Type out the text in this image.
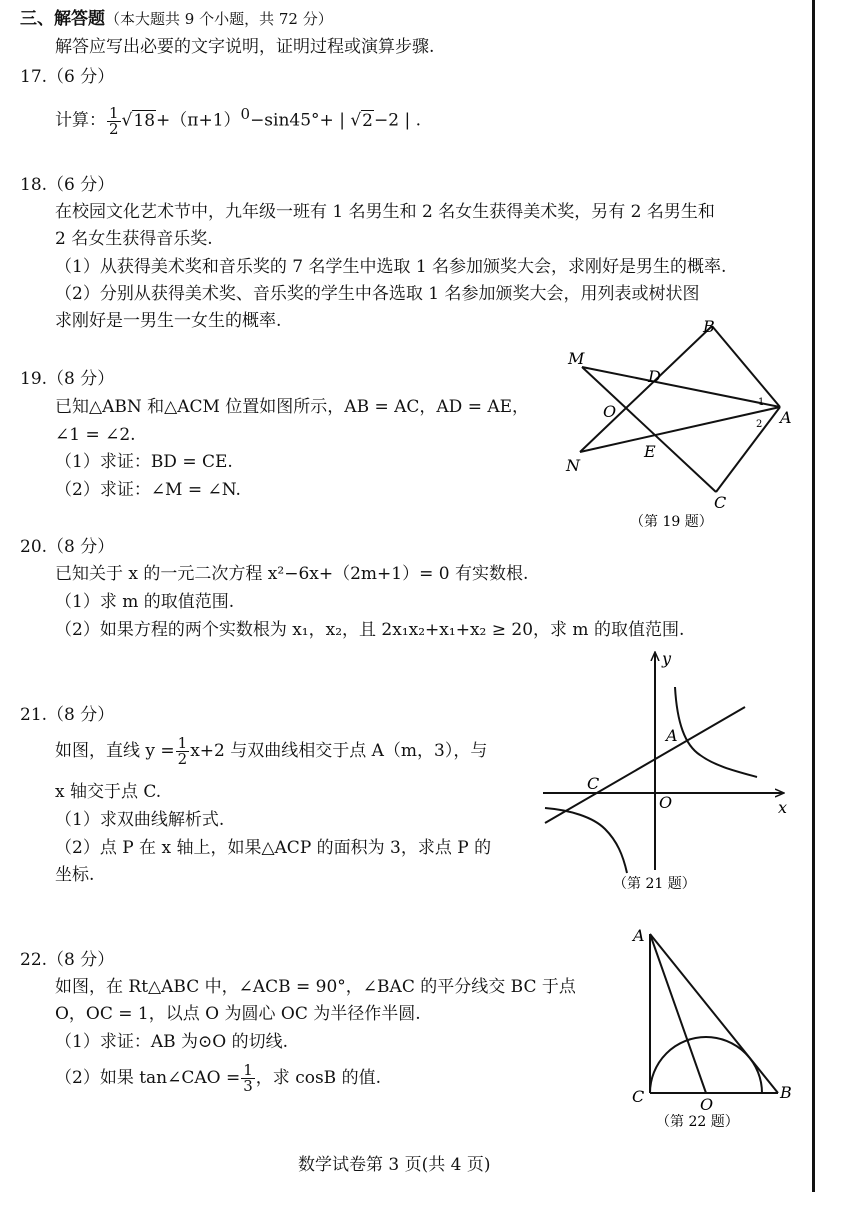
三、解答题（本大题共 9 个小题，共 72 分）
解答应写出必要的文字说明，证明过程或演算步骤.
17.（6 分）
计算： $\frac{1}{2} √18+(\pi+1)^0-\sin 45^\circ+$ | √2−2 | .
18.（6 分）
在校园文化艺术节中，九年级一班有 1 名男生和 2 名女生获得美术奖，另有 2 名男生和
2 名女生获得音乐奖.
（1）从获得美术奖和音乐奖的 7 名学生中选取 1 名参加颁奖大会，求刚好是男生的概率.
（2）分别从获得美术奖、音乐奖的学生中各选取 1 名参加颁奖大会，用列表或树状图
求刚好是一男生一女生的概率.
19.（8 分）
已知△ABN 和△ACM 位置如图所示，AB = AC，AD = AE，
∠1 = ∠2.
（1）求证：BD = CE.
（2）求证：∠M = ∠N.
B
M
D
O	A
1
2
N
E
C
（第 19 题）
20.（8 分）
已知关于 x 的一元二次方程 x²−6x+（2m+1）= 0 有实数根.
（1）求 m 的取值范围.
（2）如果方程的两个实数根为 x₁，x₂，且 2x₁x₂+x₁+x₂ ≥ 20，求 m 的取值范围.
21.（8 分）
如图，直线 $y = \frac{1}{2} x+2$ 与双曲线相交于点 A（m，3），与
x 轴交于点 C.
（1）求双曲线解析式.
（2）点 P 在 x 轴上，如果△ACP 的面积为 3，求点 P 的
坐标.
y
x
A
C
O
（第 21 题）
22.（8 分）
如图，在 Rt△ABC 中，∠ACB = 90°，∠BAC 的平分线交 BC 于点
O，OC = 1，以点 O 为圆心 OC 为半径作半圆.
（1）求证：AB 为⊙O 的切线.
（2）如果 tan∠CAO = $\frac{1}{3}$ ，求 cosB 的值.
A
C	O
B
（第 22 题）
数学试卷第 3 页(共 4 页)
